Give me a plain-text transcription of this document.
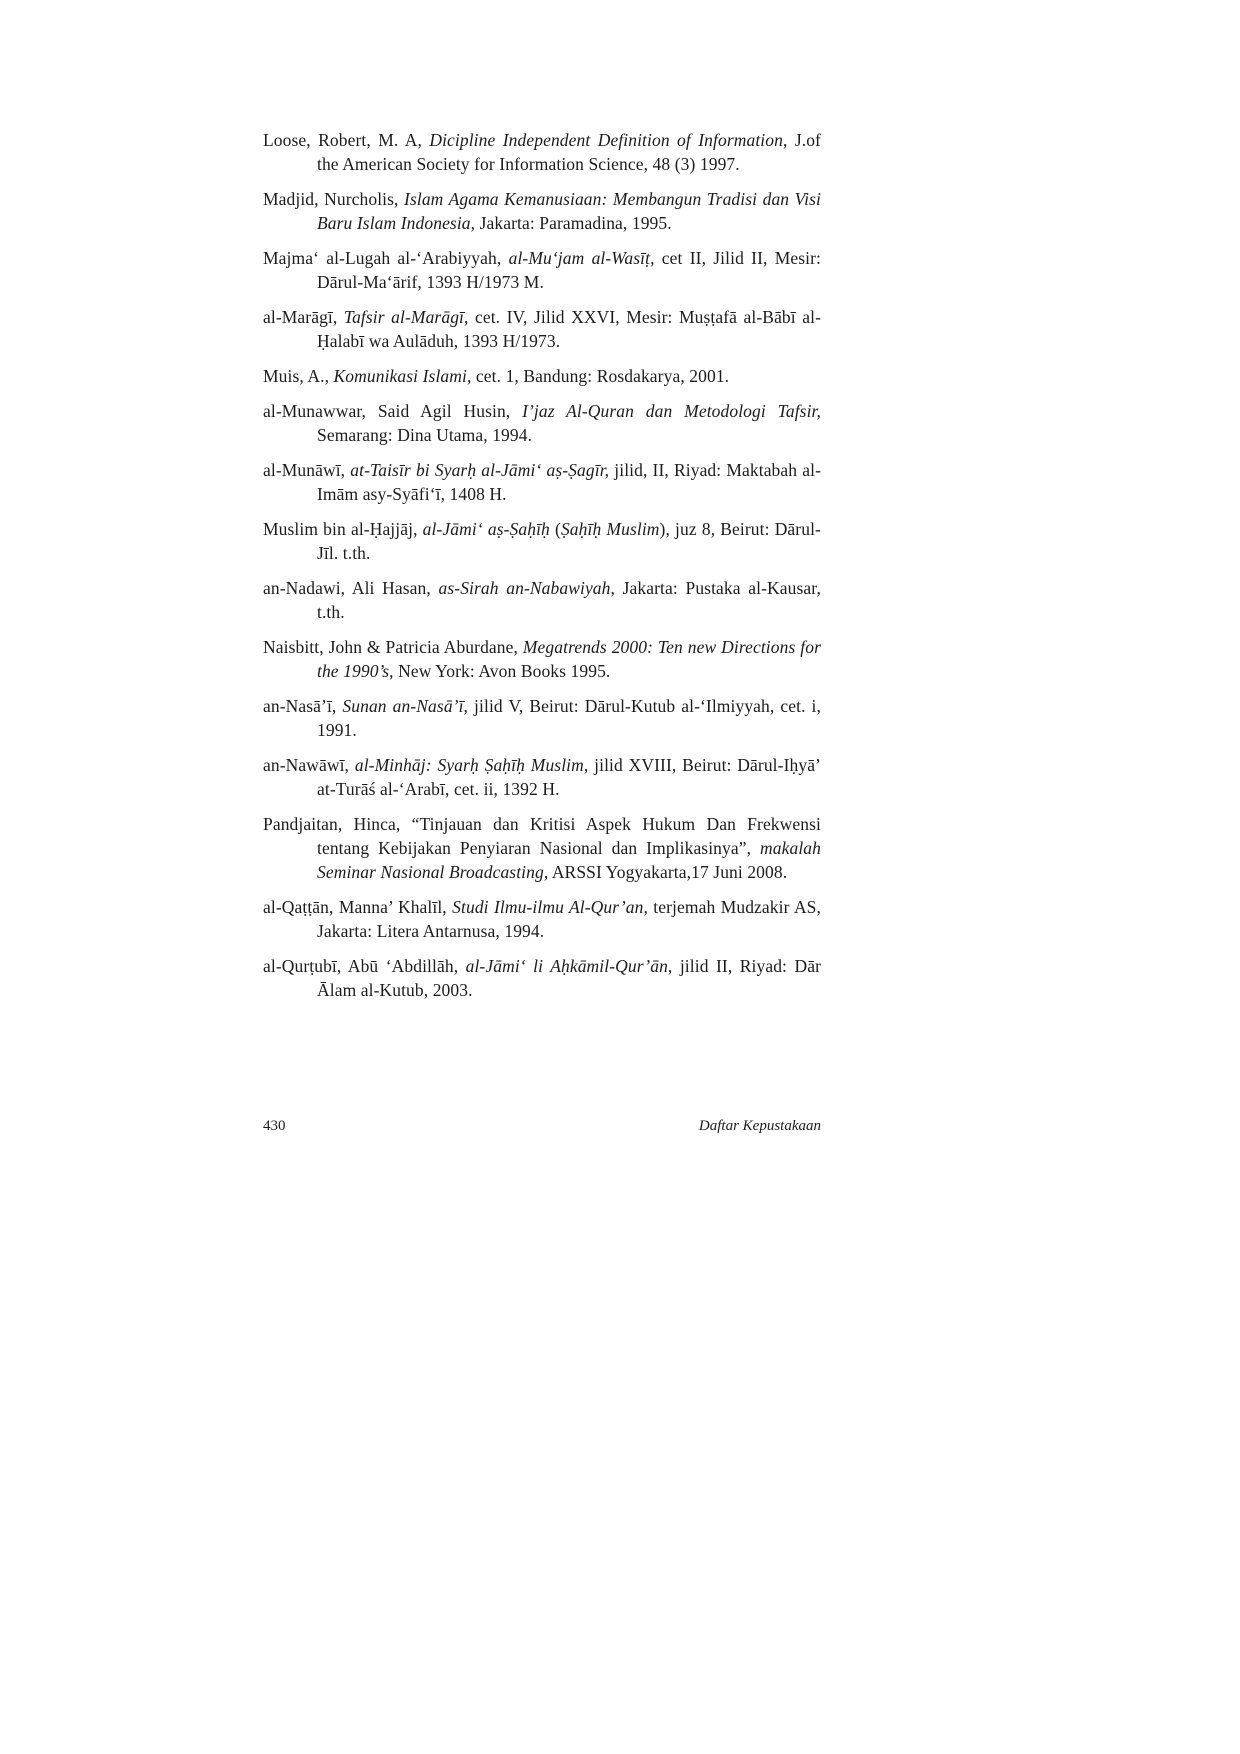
Loose, Robert, M. A, Dicipline Independent Definition of Information, J.of the American Society for Information Science, 48 (3) 1997.

Madjid, Nurcholis, Islam Agama Kemanusiaan: Membangun Tradisi dan Visi Baru Islam Indonesia, Jakarta: Paramadina, 1995.

Majma‘ al-Lugah al-‘Arabiyyah, al-Mu‘jam al-Wasīṭ, cet II, Jilid II, Mesir: Dārul-Ma‘ārif, 1393 H/1973 M.

al-Marāgī, Tafsir al-Marāgī, cet. IV, Jilid XXVI, Mesir: Muṣṭafā al-Bābī al-Ḥalabī wa Aulāduh, 1393 H/1973.

Muis, A., Komunikasi Islami, cet. 1, Bandung: Rosdakarya, 2001.

al-Munawwar, Said Agil Husin, I’jaz Al-Quran dan Metodologi Tafsir, Semarang: Dina Utama, 1994.

al-Munāwī, at-Taisīr bi Syarḥ al-Jāmi‘ aṣ-Ṣagīr, jilid, II, Riyad: Maktabah al-Imām asy-Syāfi‘ī, 1408 H.

Muslim bin al-Ḥajjāj, al-Jāmi‘ aṣ-Ṣaḥīḥ (Ṣaḥīḥ Muslim), juz 8, Beirut: Dārul-Jīl. t.th.

an-Nadawi, Ali Hasan, as-Sirah an-Nabawiyah, Jakarta: Pustaka al-Kausar, t.th.

Naisbitt, John & Patricia Aburdane, Megatrends 2000: Ten new Directions for the 1990’s, New York: Avon Books 1995.

an-Nasā’ī, Sunan an-Nasā’ī, jilid V, Beirut: Dārul-Kutub al-‘Ilmiyyah, cet. i, 1991.

an-Nawāwī, al-Minhāj: Syarḥ Ṣaḥīḥ Muslim, jilid XVIII, Beirut: Dārul-Iḥyā’ at-Turāś al-‘Arabī, cet. ii, 1392 H.

Pandjaitan, Hinca, “Tinjauan dan Kritisi Aspek Hukum Dan Frekwensi tentang Kebijakan Penyiaran Nasional dan Implikasinya”, makalah Seminar Nasional Broadcasting, ARSSI Yogyakarta,17 Juni 2008.

al-Qaṭṭān, Manna’ Khalīl, Studi Ilmu-ilmu Al-Qur’an, terjemah Mudzakir AS, Jakarta: Litera Antarnusa, 1994.

al-Qurṭubī, Abū ‘Abdillāh, al-Jāmi‘ li Aḥkāmil-Qur’ān, jilid II, Riyad: Dār Ālam al-Kutub, 2003.

430	Daftar Kepustakaan
